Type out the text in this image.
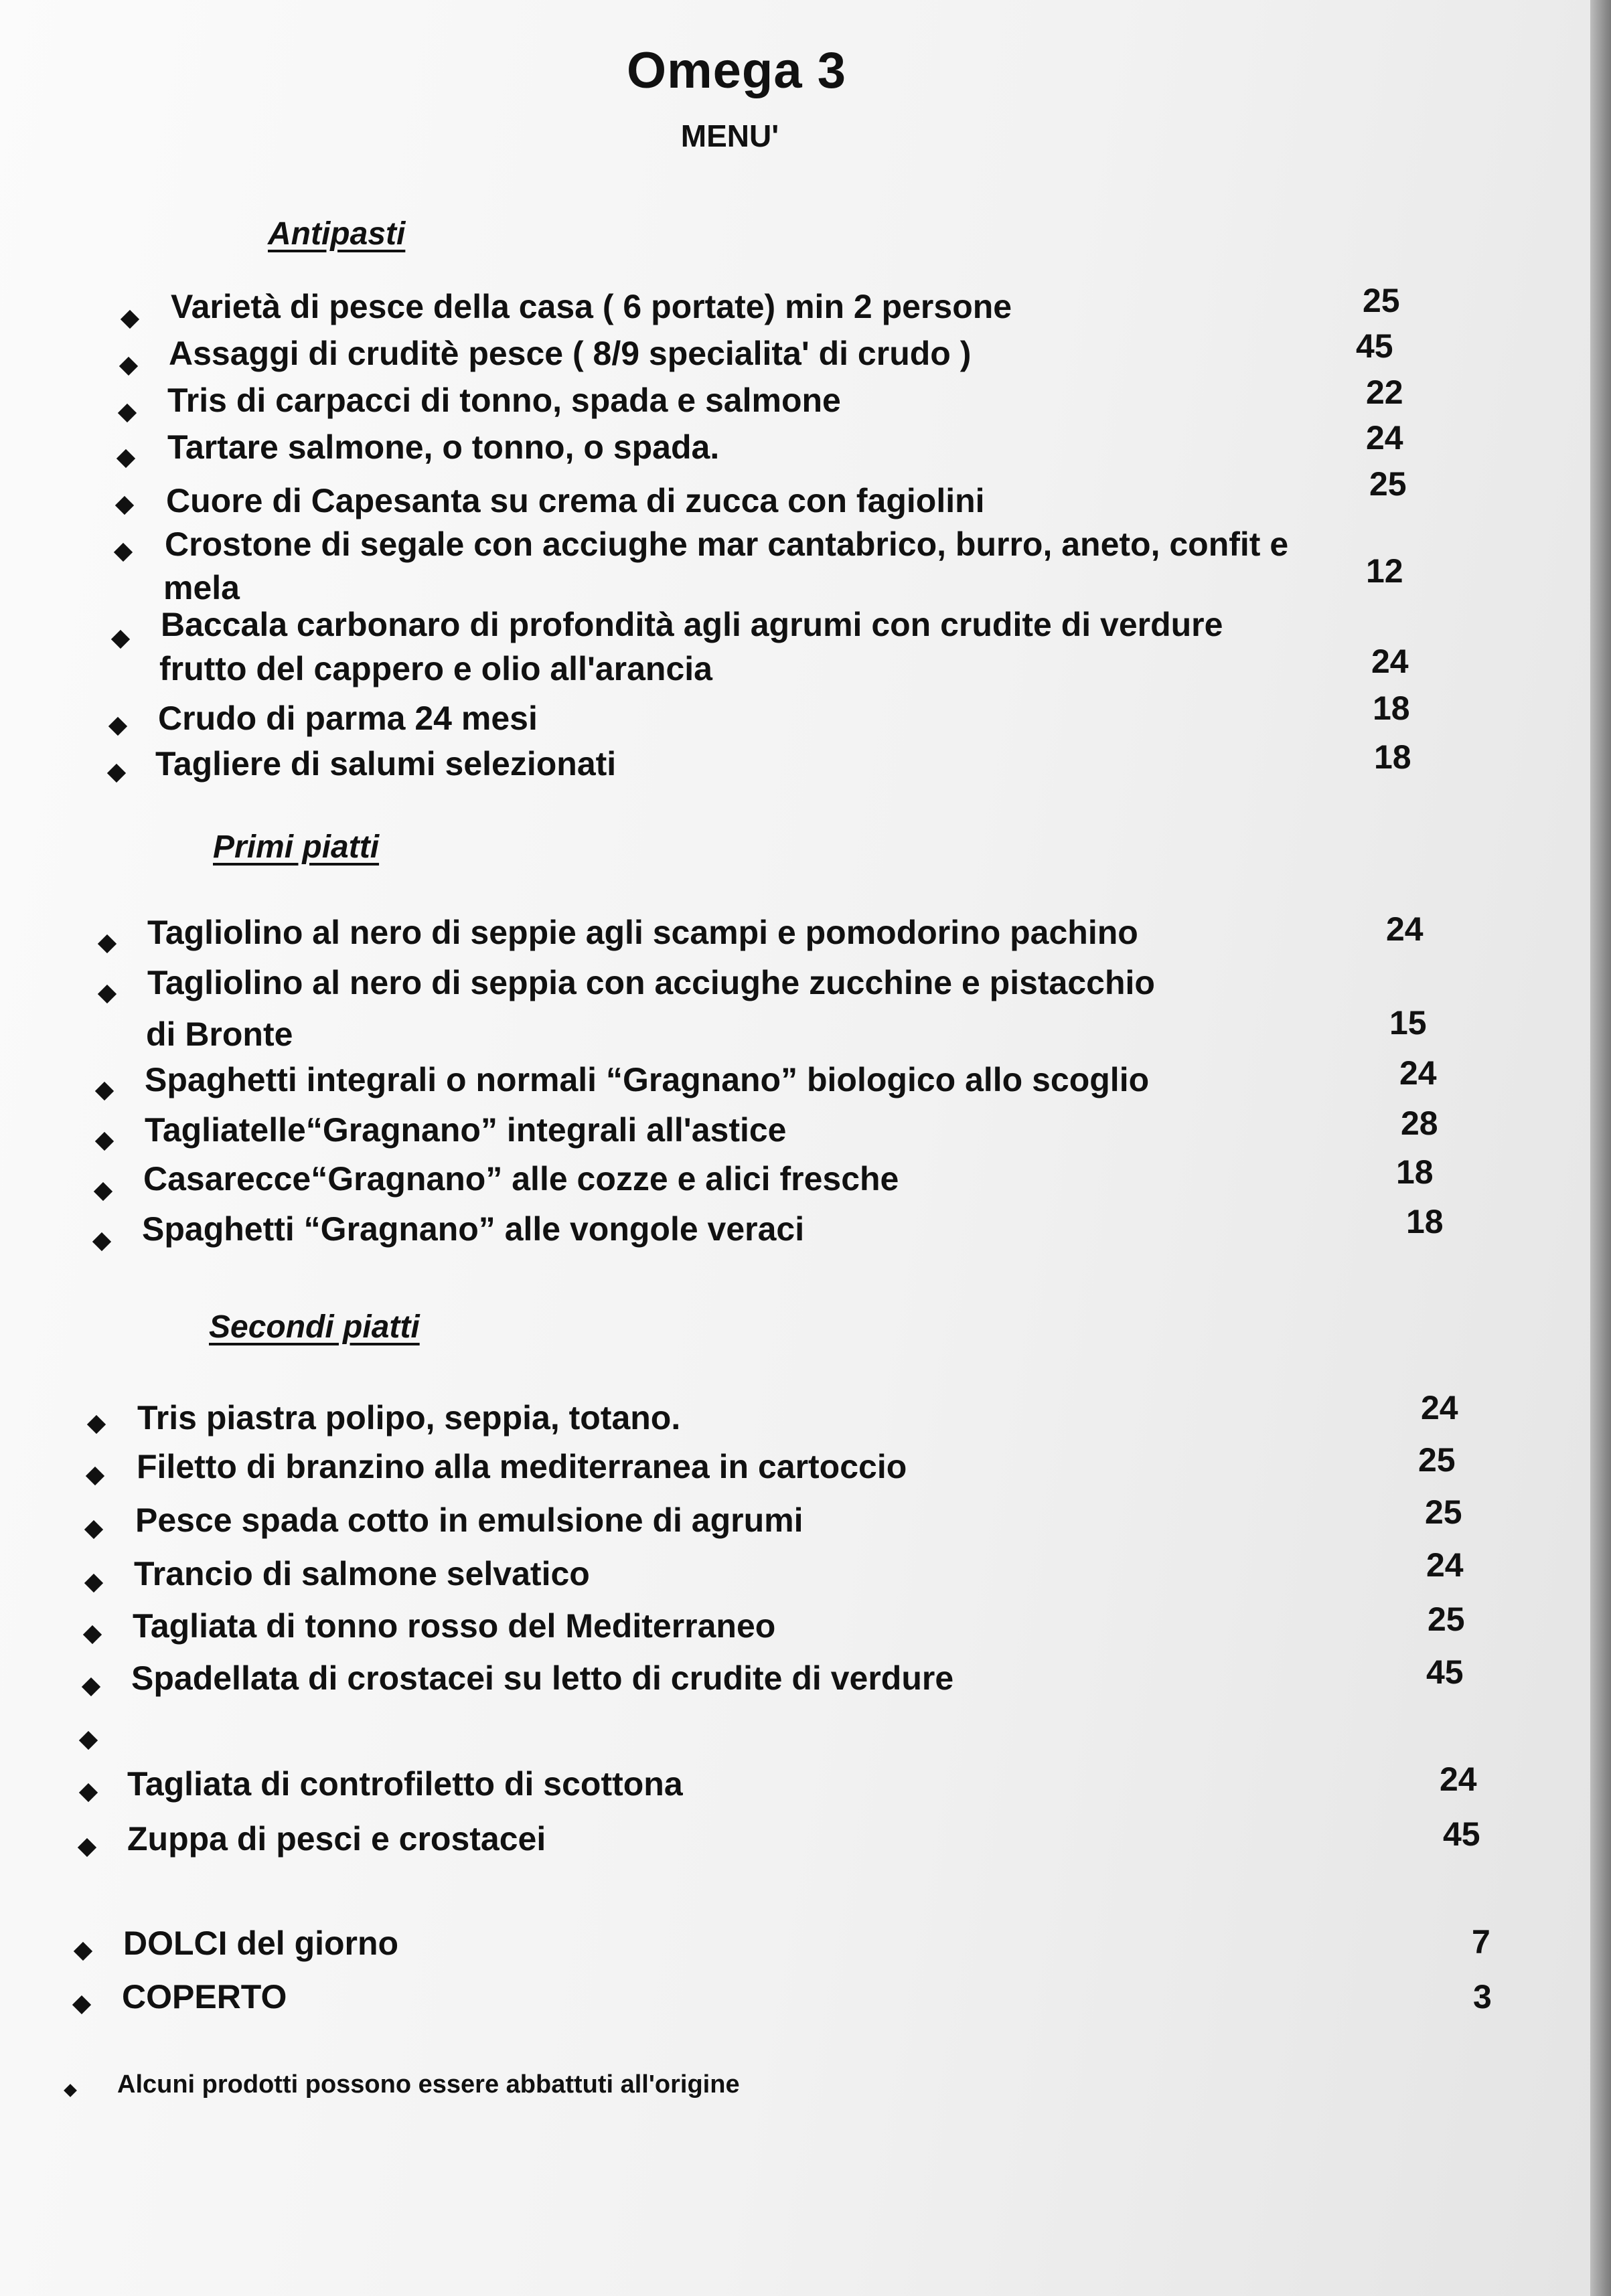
Omega 3
MENU'
Antipasti
Varietà di pesce della casa ( 6 portate) min 2 persone	25
Assaggi di cruditè pesce ( 8/9 specialita' di crudo )	45
Tris di carpacci di tonno, spada e salmone	22
Tartare salmone, o tonno, o spada.	24
Cuore di Capesanta su crema di zucca con fagiolini	25
Crostone di segale con acciughe mar cantabrico, burro, aneto, confit e
mela	12
Baccala carbonaro di profondità agli agrumi con crudite di verdure
frutto del cappero e olio all'arancia	24
Crudo di parma 24 mesi	18
Tagliere di salumi selezionati	18
Primi piatti
Tagliolino al nero di seppie agli scampi e pomodorino pachino	24
Tagliolino al nero di seppia con acciughe zucchine e pistacchio
di Bronte	15
Spaghetti integrali o normali “Gragnano” biologico allo scoglio	24
Tagliatelle“Gragnano” integrali all'astice	28
Casarecce“Gragnano” alle cozze e alici fresche	18
Spaghetti “Gragnano” alle vongole veraci	18
Secondi piatti
Tris piastra polipo, seppia, totano.	24
Filetto di branzino alla mediterranea in cartoccio	25
Pesce spada cotto in emulsione di agrumi	25
Trancio di salmone selvatico	24
Tagliata di tonno rosso del Mediterraneo	25
Spadellata di crostacei su letto di crudite di verdure	45
Tagliata di controfiletto di scottona	24
Zuppa di pesci e crostacei	45
DOLCI del giorno	7
COPERTO	3
Alcuni prodotti possono essere abbattuti all'origine
